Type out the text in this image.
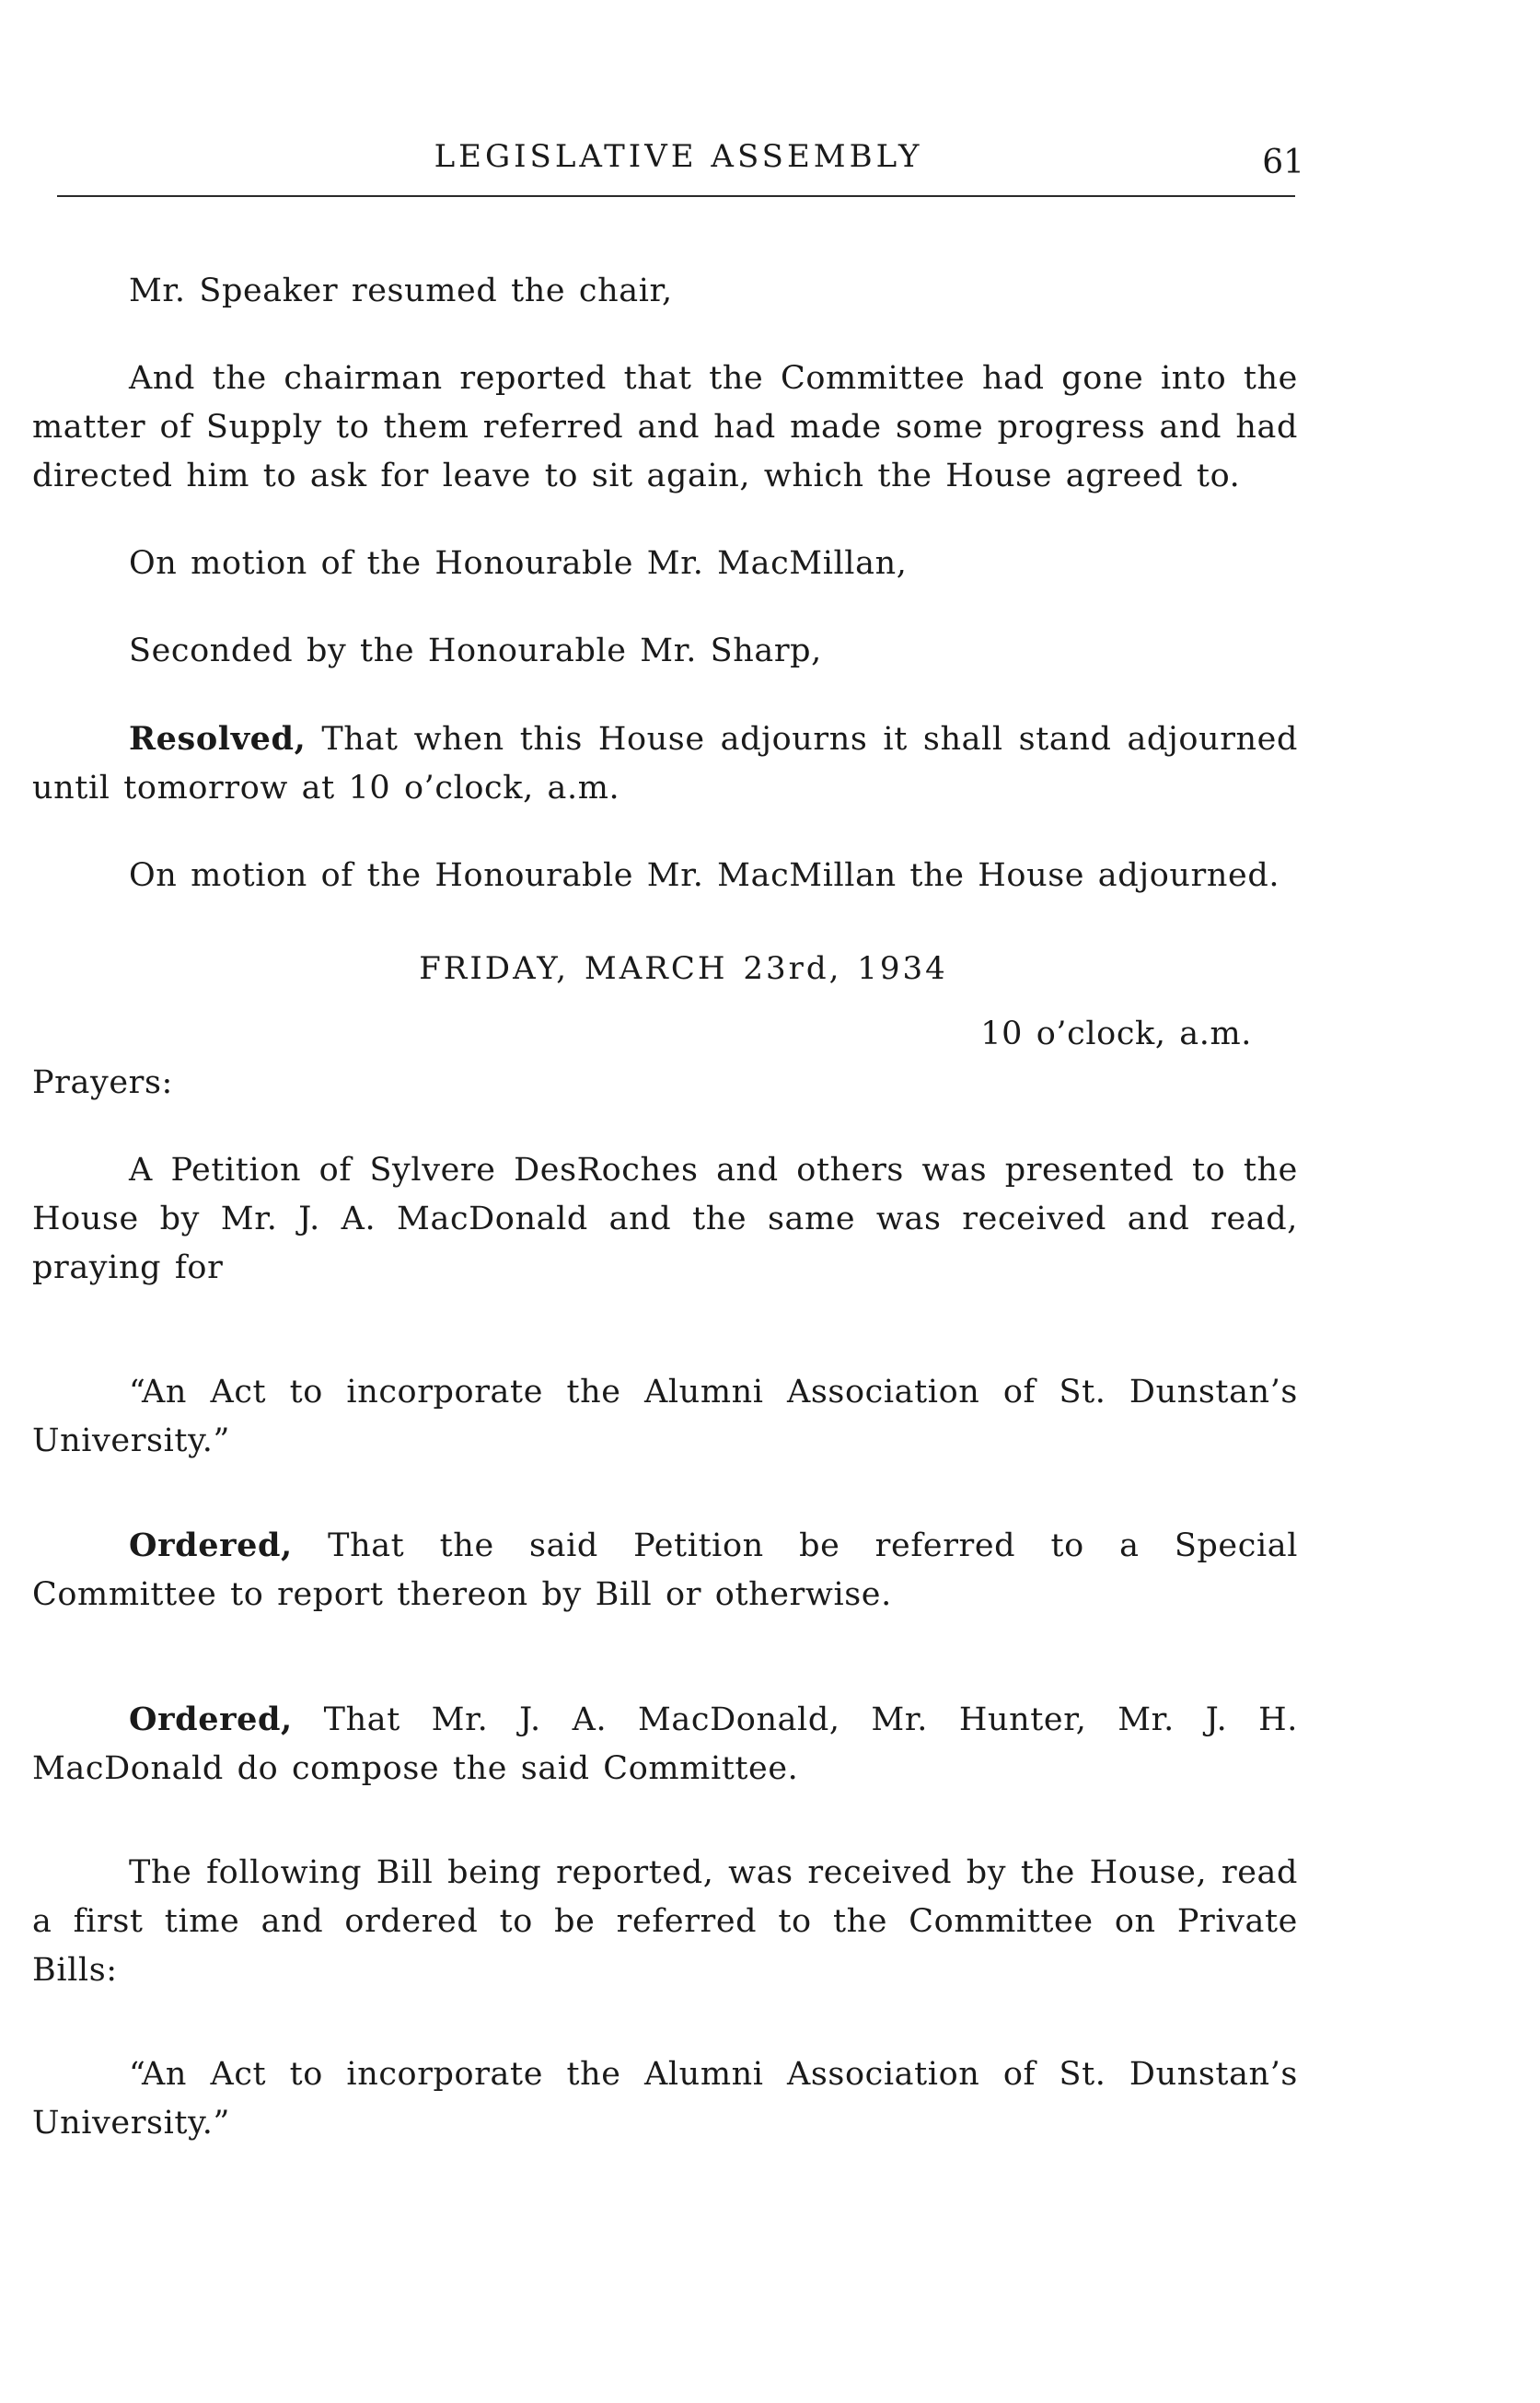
LEGISLATIVE ASSEMBLY	61

Mr. Speaker resumed the chair,

And the chairman reported that the Committee had gone into the matter of Supply to them referred and had made some progress and had directed him to ask for leave to sit again, which the House agreed to.

On motion of the Honourable Mr. MacMillan,

Seconded by the Honourable Mr. Sharp,

Resolved, That when this House adjourns it shall stand adjourned until tomorrow at 10 o’clock, a.m.

On motion of the Honourable Mr. MacMillan the House adjourned.

FRIDAY, MARCH 23rd, 1934

10 o’clock, a.m.

Prayers:

A Petition of Sylvere DesRoches and others was presented to the House by Mr. J. A. MacDonald and the same was received and read, praying for

“An Act to incorporate the Alumni Association of St. Dunstan’s University.”

Ordered, That the said Petition be referred to a Special Committee to report thereon by Bill or otherwise.

Ordered, That Mr. J. A. MacDonald, Mr. Hunter, Mr. J. H. MacDonald do compose the said Committee.

The following Bill being reported, was received by the House, read a first time and ordered to be referred to the Committee on Private Bills:

“An Act to incorporate the Alumni Association of St. Dunstan’s University.”
